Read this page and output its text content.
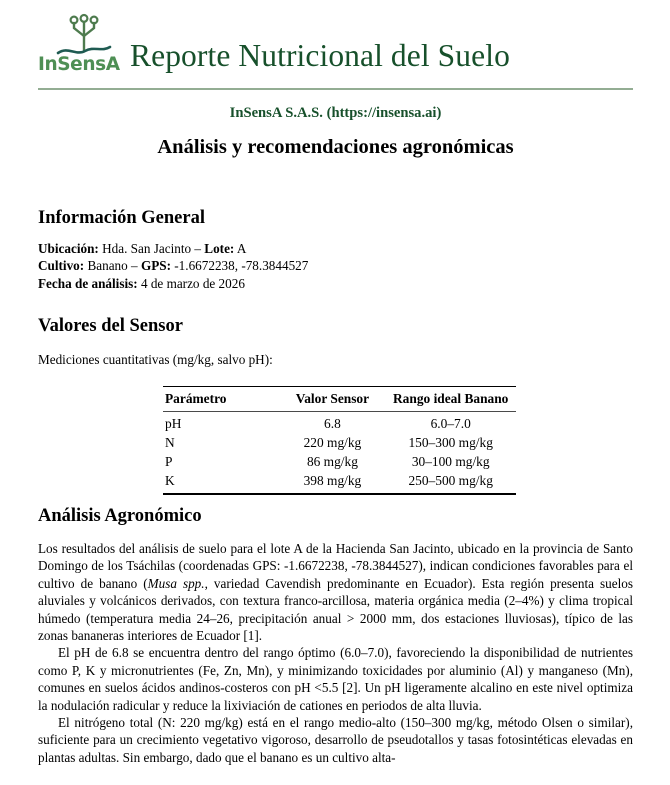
InSensA Reporte Nutricional del Suelo
InSensA S.A.S. (https://insensa.ai)
Análisis y recomendaciones agronómicas
Información General
Ubicación: Hda. San Jacinto – Lote: A
Cultivo: Banano – GPS: -1.6672238, -78.3844527
Fecha de análisis: 4 de marzo de 2026
Valores del Sensor
Mediciones cuantitativas (mg/kg, salvo pH):
Parámetro	Valor Sensor	Rango ideal Banano
pH	6.8	6.0–7.0
N	220 mg/kg	150–300 mg/kg
P	86 mg/kg	30–100 mg/kg
K	398 mg/kg	250–500 mg/kg
Análisis Agronómico

Los resultados del análisis de suelo para el lote A de la Hacienda San Jacinto, ubicado en la provincia de Santo Domingo de los Tsáchilas (coordenadas GPS: -1.6672238, -78.3844527), indican condiciones favorables para el cultivo de banano (Musa spp., variedad Cavendish predominante en Ecuador). Esta región presenta suelos aluviales y volcánicos derivados, con textura franco-arcillosa, materia orgánica media (2–4%) y clima tropical húmedo (temperatura media 24–26, precipitación anual > 2000 mm, dos estaciones lluviosas), típico de las zonas bananeras interiores de Ecuador [1].

El pH de 6.8 se encuentra dentro del rango óptimo (6.0–7.0), favoreciendo la disponibilidad de nutrientes como P, K y micronutrientes (Fe, Zn, Mn), y minimizando toxicidades por aluminio (Al) y manganeso (Mn), comunes en suelos ácidos andinos-costeros con pH <5.5 [2]. Un pH ligeramente alcalino en este nivel optimiza la nodulación radicular y reduce la lixiviación de cationes en periodos de alta lluvia.

El nitrógeno total (N: 220 mg/kg) está en el rango medio-alto (150–300 mg/kg, método Olsen o similar), suficiente para un crecimiento vegetativo vigoroso, desarrollo de pseudotallos y tasas fotosintéticas elevadas en plantas adultas. Sin embargo, dado que el banano es un cultivo alta-
